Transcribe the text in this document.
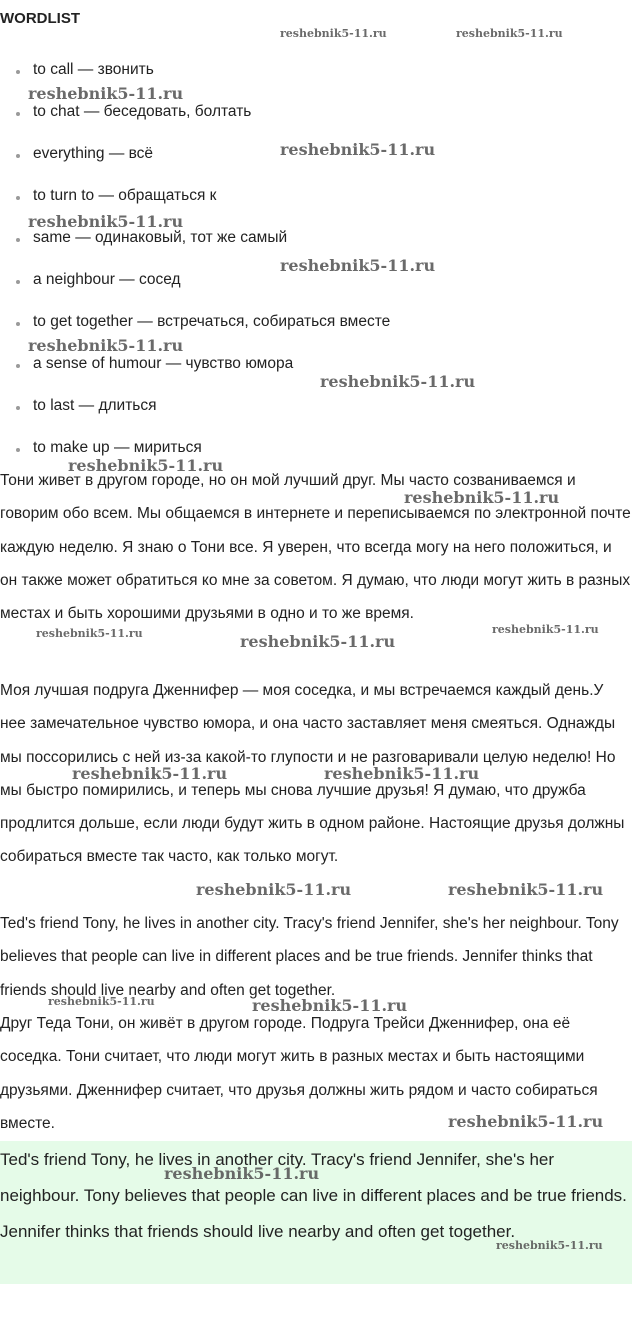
WORDLIST
to call — звонить
to chat — беседовать, болтать
everything — всё
to turn to — обращаться к
same — одинаковый, тот же самый
a neighbour — сосед
to get together — встречаться, собираться вместе
a sense of humour — чувство юмора
to last — длиться
to make up — мириться

Тони живет в другом городе, но он мой лучший друг. Мы часто созваниваемся и говорим обо всем. Мы общаемся в интернете и переписываемся по электронной почте каждую неделю. Я знаю о Тони все. Я уверен, что всегда могу на него положиться, и он также может обратиться ко мне за советом. Я думаю, что люди могут жить в разных местах и быть хорошими друзьями в одно и то же время.

Моя лучшая подруга Дженнифер — моя соседка, и мы встречаемся каждый день.У нее замечательное чувство юмора, и она часто заставляет меня смеяться. Однажды мы поссорились с ней из-за какой-то глупости и не разговаривали целую неделю! Но мы быстро помирились, и теперь мы снова лучшие друзья! Я думаю, что дружба продлится дольше, если люди будут жить в одном районе. Настоящие друзья должны собираться вместе так часто, как только могут.

Ted's friend Tony, he lives in another city. Tracy's friend Jennifer, she's her neighbour. Tony believes that people can live in different places and be true friends. Jennifer thinks that friends should live nearby and often get together.

Друг Теда Тони, он живёт в другом городе. Подруга Трейси Дженнифер, она её соседка. Тони считает, что люди могут жить в разных местах и быть настоящими друзьями. Дженнифер считает, что друзья должны жить рядом и часто собираться вместе.

Ted's friend Tony, he lives in another city. Tracy's friend Jennifer, she's her neighbour. Tony believes that people can live in different places and be true friends. Jennifer thinks that friends should live nearby and often get together.

reshebnik5-11.ru	reshebnik5-11.ru
reshebnik5-11.ru
reshebnik5-11.ru
reshebnik5-11.ru
reshebnik5-11.ru
reshebnik5-11.ru
reshebnik5-11.ru
reshebnik5-11.ru
reshebnik5-11.ru
reshebnik5-11.ru	reshebnik5-11.ru
reshebnik5-11.ru
reshebnik5-11.ru	reshebnik5-11.ru
reshebnik5-11.ru	reshebnik5-11.ru
reshebnik5-11.ru	reshebnik5-11.ru
reshebnik5-11.ru
reshebnik5-11.ru
reshebnik5-11.ru
